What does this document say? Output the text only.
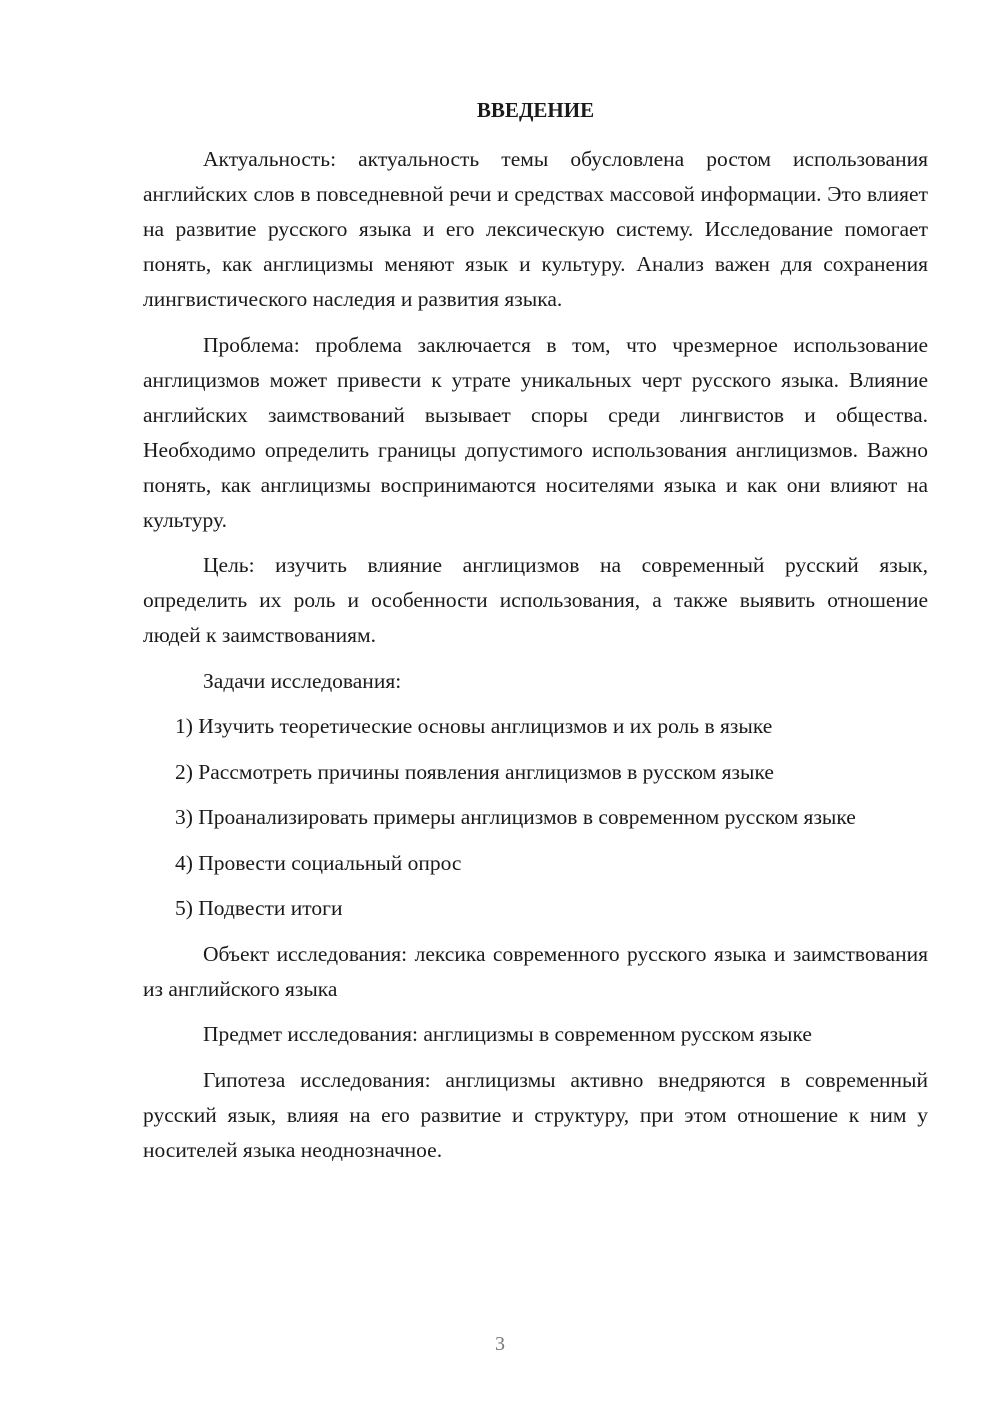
ВВЕДЕНИЕ

Актуальность: актуальность темы обусловлена ростом использования английских слов в повседневной речи и средствах массовой информации. Это влияет на развитие русского языка и его лексическую систему. Исследование помогает понять, как англицизмы меняют язык и культуру. Анализ важен для сохранения лингвистического наследия и развития языка.

Проблема: проблема заключается в том, что чрезмерное использование англицизмов может привести к утрате уникальных черт русского языка. Влияние английских заимствований вызывает споры среди лингвистов и общества. Необходимо определить границы допустимого использования англицизмов. Важно понять, как англицизмы воспринимаются носителями языка и как они влияют на культуру.

Цель: изучить влияние англицизмов на современный русский язык, определить их роль и особенности использования, а также выявить отношение людей к заимствованиям.

Задачи исследования:

1) Изучить теоретические основы англицизмов и их роль в языке

2) Рассмотреть причины появления англицизмов в русском языке

3) Проанализировать примеры англицизмов в современном русском языке

4) Провести социальный опрос

5) Подвести итоги

Объект исследования: лексика современного русского языка и заимствования из английского языка

Предмет исследования: англицизмы в современном русском языке

Гипотеза исследования: англицизмы активно внедряются в современный русский язык, влияя на его развитие и структуру, при этом отношение к ним у носителей языка неоднозначное.

3
